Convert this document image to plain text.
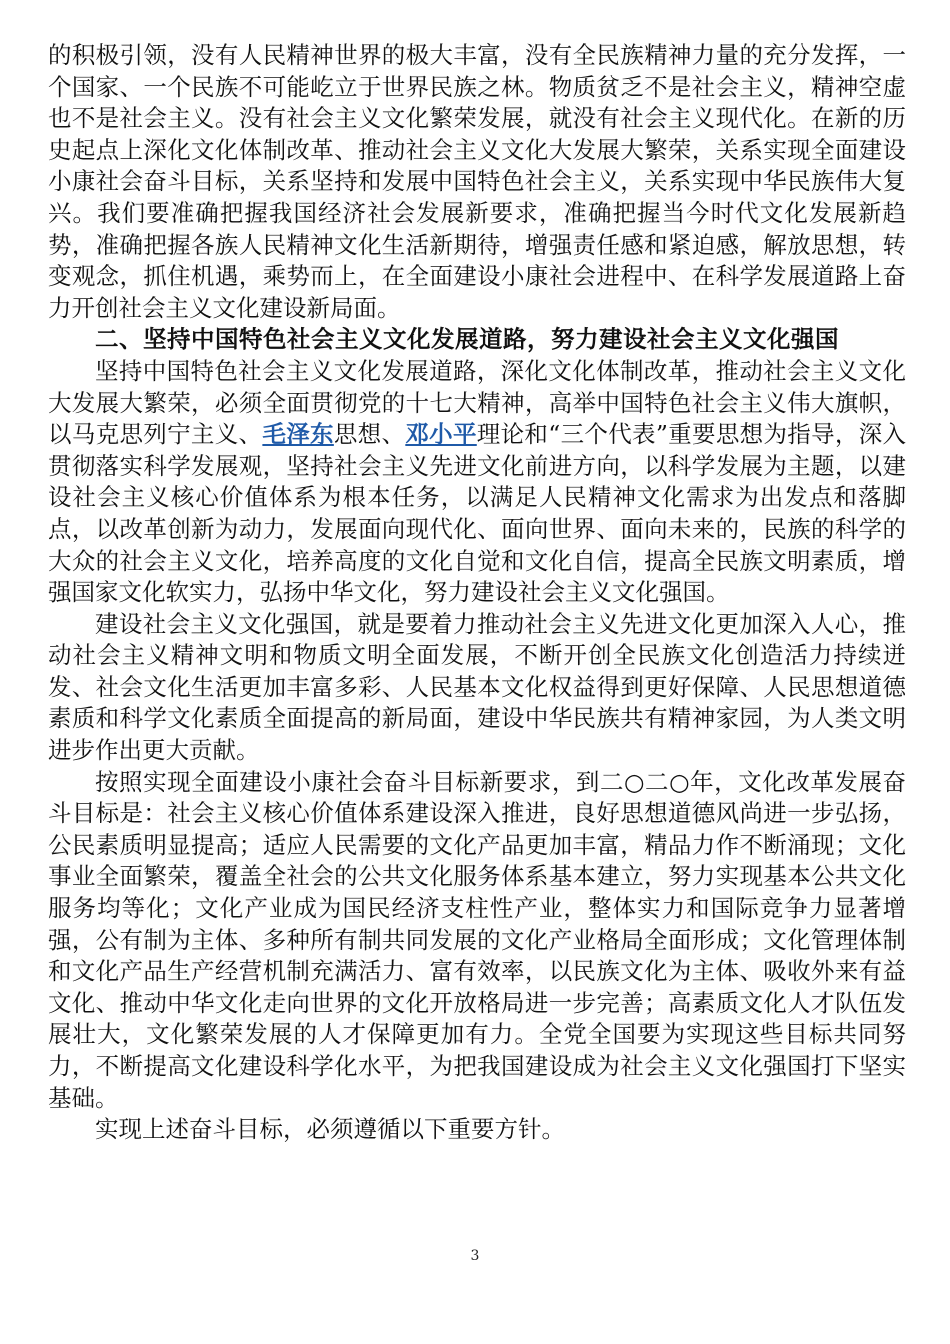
的积极引领，没有人民精神世界的极大丰富，没有全民族精神力量的充分发挥，一个国家、一个民族不可能屹立于世界民族之林。物质贫乏不是社会主义，精神空虚也不是社会主义。没有社会主义文化繁荣发展，就没有社会主义现代化。在新的历史起点上深化文化体制改革、推动社会主义文化大发展大繁荣，关系实现全面建设小康社会奋斗目标，关系坚持和发展中国特色社会主义，关系实现中华民族伟大复兴。我们要准确把握我国经济社会发展新要求，准确把握当今时代文化发展新趋势，准确把握各族人民精神文化生活新期待，增强责任感和紧迫感，解放思想，转变观念，抓住机遇，乘势而上，在全面建设小康社会进程中、在科学发展道路上奋力开创社会主义文化建设新局面。

二、坚持中国特色社会主义文化发展道路，努力建设社会主义文化强国

坚持中国特色社会主义文化发展道路，深化文化体制改革，推动社会主义文化大发展大繁荣，必须全面贯彻党的十七大精神，高举中国特色社会主义伟大旗帜，以马克思列宁主义、毛泽东思想、邓小平理论和“三个代表”重要思想为指导，深入贯彻落实科学发展观，坚持社会主义先进文化前进方向，以科学发展为主题，以建设社会主义核心价值体系为根本任务，以满足人民精神文化需求为出发点和落脚点，以改革创新为动力，发展面向现代化、面向世界、面向未来的，民族的科学的大众的社会主义文化，培养高度的文化自觉和文化自信，提高全民族文明素质，增强国家文化软实力，弘扬中华文化，努力建设社会主义文化强国。

建设社会主义文化强国，就是要着力推动社会主义先进文化更加深入人心，推动社会主义精神文明和物质文明全面发展，不断开创全民族文化创造活力持续迸发、社会文化生活更加丰富多彩、人民基本文化权益得到更好保障、人民思想道德素质和科学文化素质全面提高的新局面，建设中华民族共有精神家园，为人类文明进步作出更大贡献。

按照实现全面建设小康社会奋斗目标新要求，到二○二○年，文化改革发展奋斗目标是：社会主义核心价值体系建设深入推进，良好思想道德风尚进一步弘扬，公民素质明显提高；适应人民需要的文化产品更加丰富，精品力作不断涌现；文化事业全面繁荣，覆盖全社会的公共文化服务体系基本建立，努力实现基本公共文化服务均等化；文化产业成为国民经济支柱性产业，整体实力和国际竞争力显著增强，公有制为主体、多种所有制共同发展的文化产业格局全面形成；文化管理体制和文化产品生产经营机制充满活力、富有效率，以民族文化为主体、吸收外来有益文化、推动中华文化走向世界的文化开放格局进一步完善；高素质文化人才队伍发展壮大，文化繁荣发展的人才保障更加有力。全党全国要为实现这些目标共同努力，不断提高文化建设科学化水平，为把我国建设成为社会主义文化强国打下坚实基础。

实现上述奋斗目标，必须遵循以下重要方针。

3
